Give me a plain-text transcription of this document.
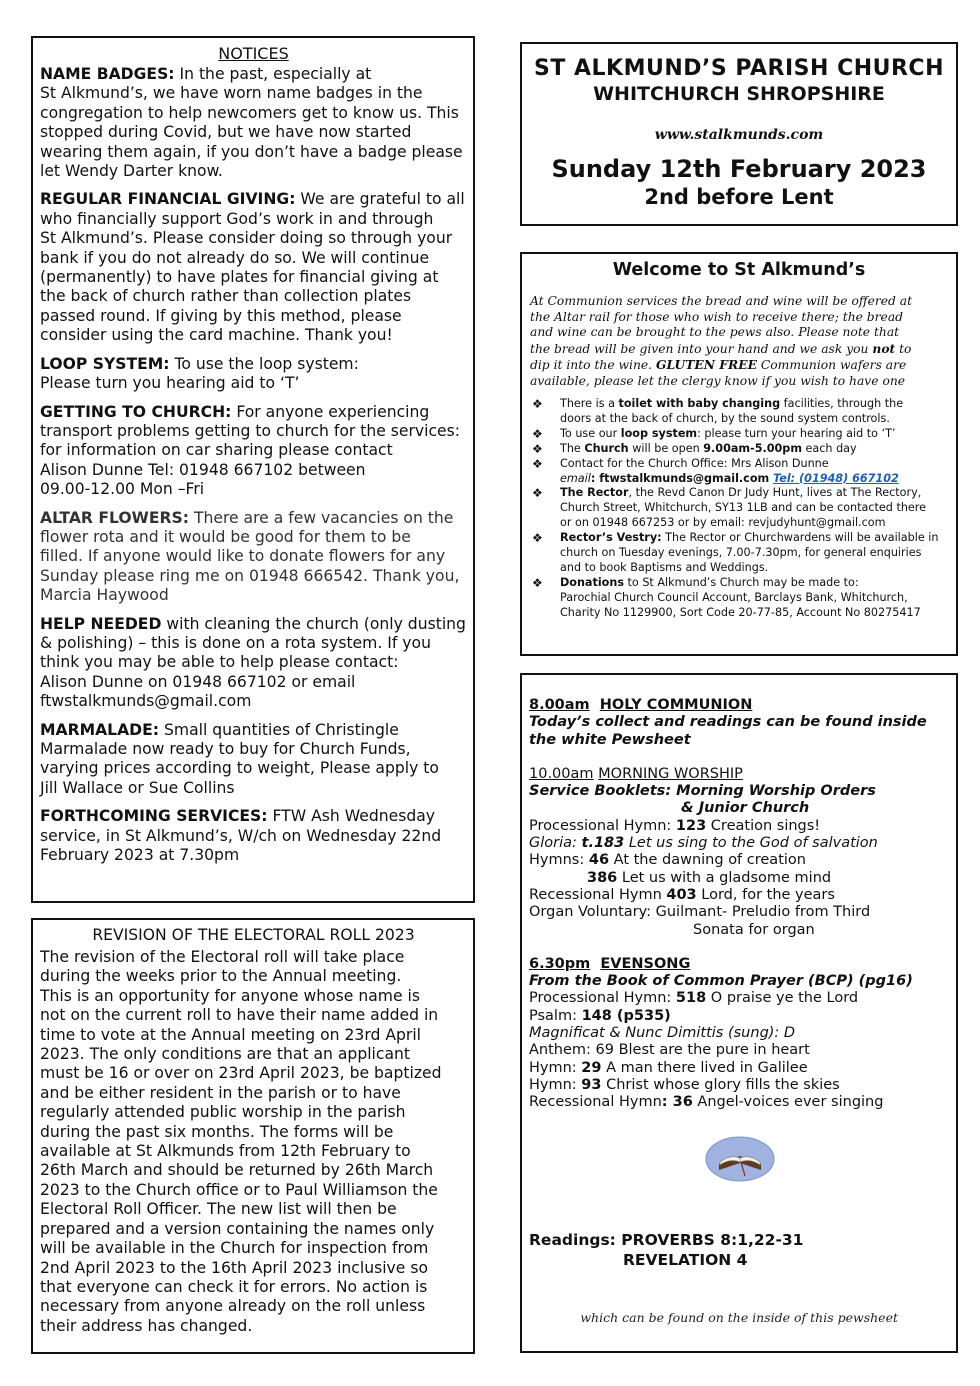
NOTICES

NAME BADGES: In the past, especially at
St Alkmund’s, we have worn name badges in the
congregation to help newcomers get to know us. This
stopped during Covid, but we have now started
wearing them again, if you don’t have a badge please
let Wendy Darter know.

REGULAR FINANCIAL GIVING: We are grateful to all
who financially support God’s work in and through
St Alkmund’s. Please consider doing so through your
bank if you do not already do so. We will continue
(permanently) to have plates for financial giving at
the back of church rather than collection plates
passed round. If giving by this method, please
consider using the card machine. Thank you!

LOOP SYSTEM: To use the loop system:
Please turn you hearing aid to ‘T’

GETTING TO CHURCH: For anyone experiencing
transport problems getting to church for the services:
for information on car sharing please contact
Alison Dunne Tel: 01948 667102 between
09.00-12.00 Mon –Fri

ALTAR FLOWERS: There are a few vacancies on the
flower rota and it would be good for them to be
filled. If anyone would like to donate flowers for any
Sunday please ring me on 01948 666542. Thank you,
Marcia Haywood

HELP NEEDED with cleaning the church (only dusting
& polishing) – this is done on a rota system. If you
think you may be able to help please contact:
Alison Dunne on 01948 667102 or email
ftwstalkmunds@gmail.com

MARMALADE: Small quantities of Christingle
Marmalade now ready to buy for Church Funds,
varying prices according to weight, Please apply to
Jill Wallace or Sue Collins

FORTHCOMING SERVICES: FTW Ash Wednesday
service, in St Alkmund’s, W/ch on Wednesday 22nd
February 2023 at 7.30pm

REVISION OF THE ELECTORAL ROLL 2023
The revision of the Electoral roll will take place
during the weeks prior to the Annual meeting.
This is an opportunity for anyone whose name is
not on the current roll to have their name added in
time to vote at the Annual meeting on 23rd April
2023. The only conditions are that an applicant
must be 16 or over on 23rd April 2023, be baptized
and be either resident in the parish or to have
regularly attended public worship in the parish
during the past six months. The forms will be
available at St Alkmunds from 12th February to
26th March and should be returned by 26th March
2023 to the Church office or to Paul Williamson the
Electoral Roll Officer. The new list will then be
prepared and a version containing the names only
will be available in the Church for inspection from
2nd April 2023 to the 16th April 2023 inclusive so
that everyone can check it for errors. No action is
necessary from anyone already on the roll unless
their address has changed.
ST ALKMUND’S PARISH CHURCH
WHITCHURCH SHROPSHIRE
www.stalkmunds.com
Sunday 12th February 2023
2nd before Lent
Welcome to St Alkmund’s
At Communion services the bread and wine will be offered at
the Altar rail for those who wish to receive there; the bread
and wine can be brought to the pews also. Please note that
the bread will be given into your hand and we ask you not to
dip it into the wine. GLUTEN FREE Communion wafers are
available, please let the clergy know if you wish to have one
❖ There is a toilet with baby changing facilities, through the
doors at the back of church, by the sound system controls.
❖ To use our loop system: please turn your hearing aid to ‘T’
❖ The Church will be open 9.00am-5.00pm each day
❖ Contact for the Church Office: Mrs Alison Dunne
email: ftwstalkmunds@gmail.com Tel: (01948) 667102
❖ The Rector, the Revd Canon Dr Judy Hunt, lives at The Rectory,
Church Street, Whitchurch, SY13 1LB and can be contacted there
or on 01948 667253 or by email: revjudyhunt@gmail.com
❖ Rector’s Vestry: The Rector or Churchwardens will be available in
church on Tuesday evenings, 7.00-7.30pm, for general enquiries
and to book Baptisms and Weddings.
❖ Donations to St Alkmund’s Church may be made to:
Parochial Church Council Account, Barclays Bank, Whitchurch,
Charity No 1129900, Sort Code 20-77-85, Account No 80275417
8.00am HOLY COMMUNION
Today’s collect and readings can be found inside
the white Pewsheet
10.00am MORNING WORSHIP
Service Booklets: Morning Worship Orders
& Junior Church
Processional Hymn: 123 Creation sings!
Gloria: t.183 Let us sing to the God of salvation
Hymns: 46 At the dawning of creation
386 Let us with a gladsome mind
Recessional Hymn 403 Lord, for the years
Organ Voluntary: Guilmant- Preludio from Third
Sonata for organ
6.30pm EVENSONG
From the Book of Common Prayer (BCP) (pg16)
Processional Hymn: 518 O praise ye the Lord
Psalm: 148 (p535)
Magnificat & Nunc Dimittis (sung): D
Anthem: 69 Blest are the pure in heart
Hymn: 29 A man there lived in Galilee
Hymn: 93 Christ whose glory fills the skies
Recessional Hymn: 36 Angel-voices ever singing
Readings: PROVERBS 8:1,22-31
REVELATION 4
which can be found on the inside of this pewsheet
